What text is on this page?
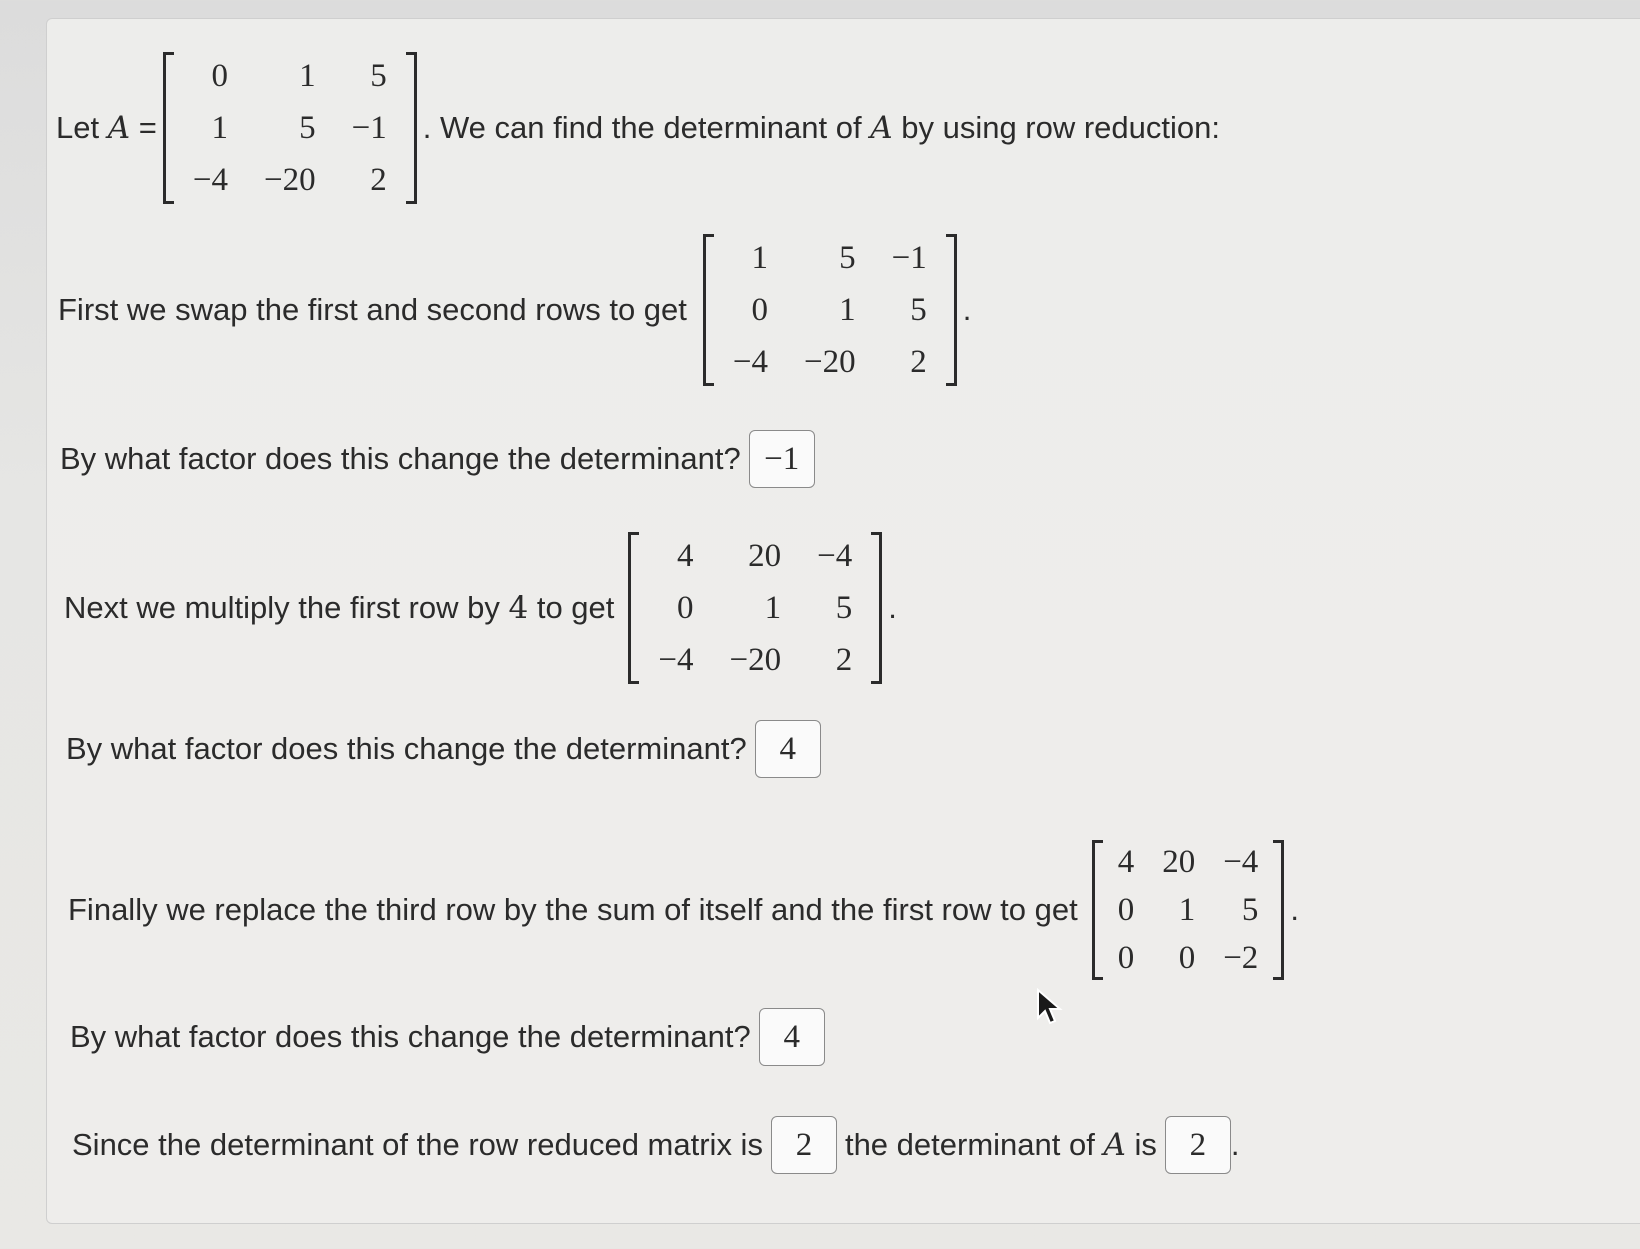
Let
A
=
0	1	5
1	5	−1
−4	−20	2
. We can find the determinant of
A
by using row reduction:
First we swap the first and second rows to get
1	5	−1
0	1	5
−4	−20	2
.
By what factor does this change the determinant? −1
Next we multiply the first row by
4
to get
4	20	−4
0	1	5
−4	−20	2
.
By what factor does this change the determinant? 4
Finally we replace the third row by the sum of itself and the first row to get
4	20	−4
0	1	5
0	0	−2
.
By what factor does this change the determinant? 4
Since the determinant of the row reduced matrix is 2	the determinant of
A
is 2 .
